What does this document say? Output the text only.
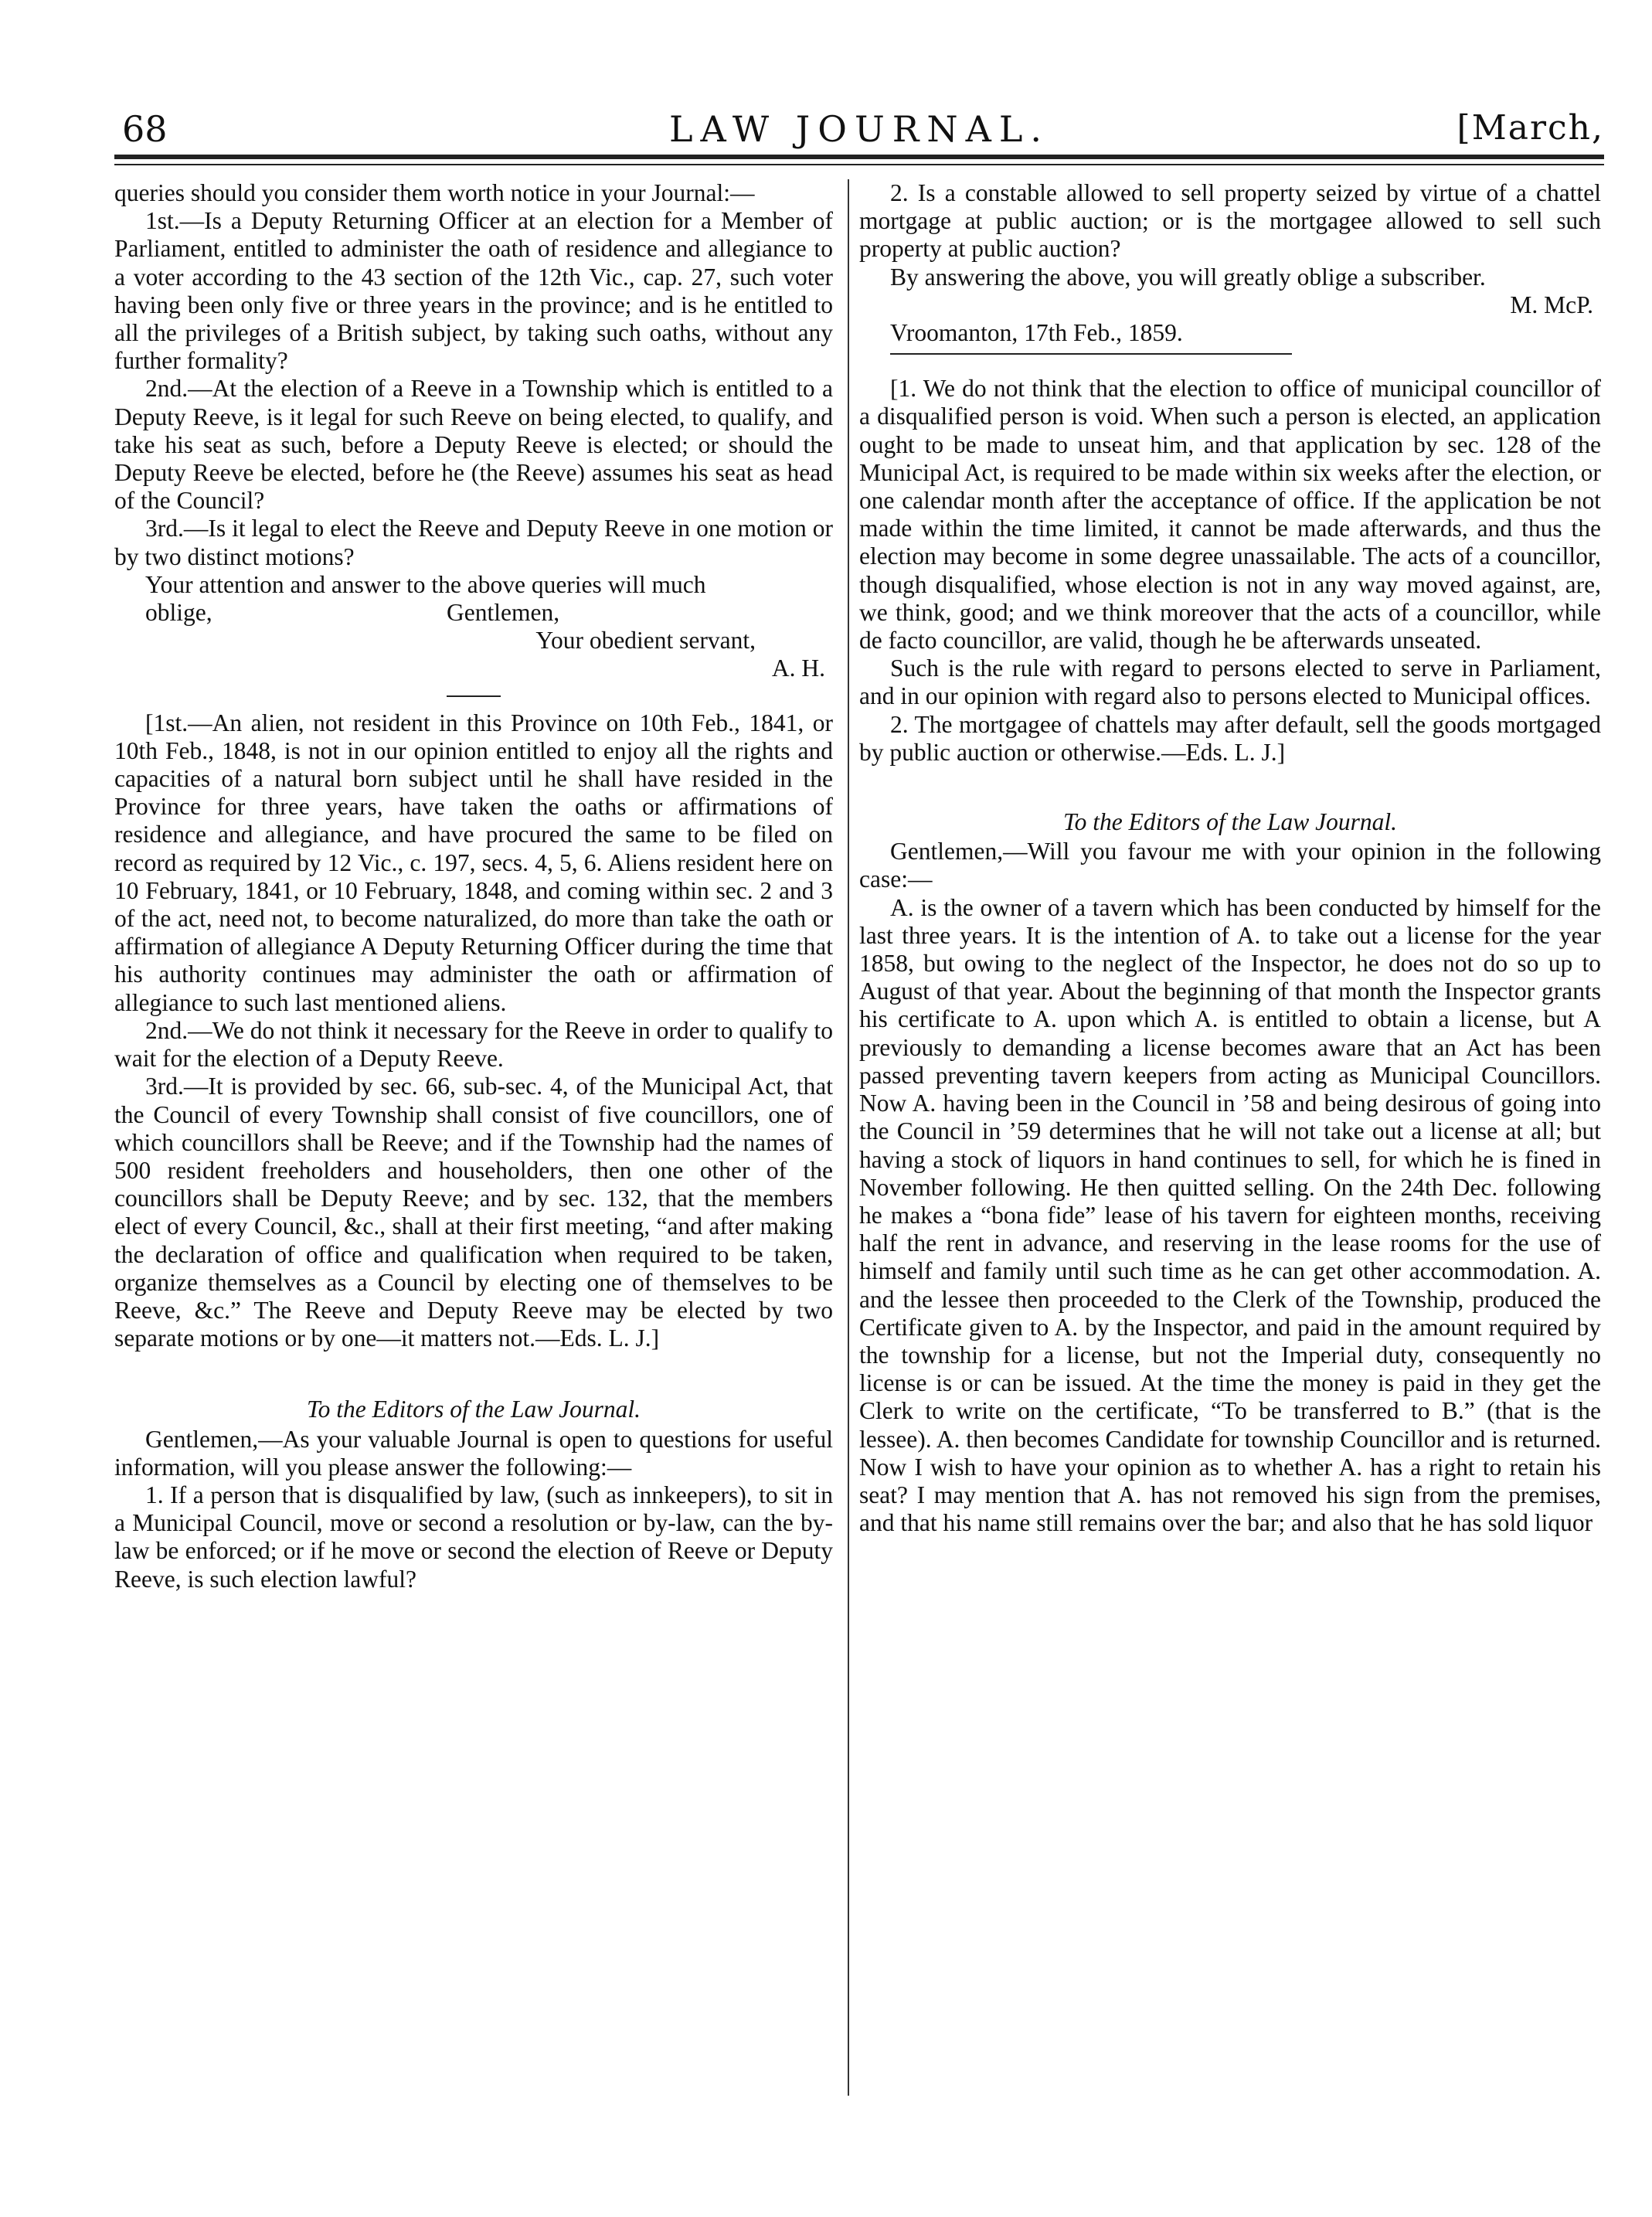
68	LAW JOURNAL.	[March,

queries should you consider them worth notice in your Journal:—

1st.—Is a Deputy Returning Officer at an election for a Member of Parliament, entitled to administer the oath of residence and allegiance to a voter according to the 43 section of the 12th Vic., cap. 27, such voter having been only five or three years in the province; and is he entitled to all the privileges of a British subject, by taking such oaths, without any further formality?

2nd.—At the election of a Reeve in a Township which is entitled to a Deputy Reeve, is it legal for such Reeve on being elected, to qualify, and take his seat as such, before a Deputy Reeve is elected; or should the Deputy Reeve be elected, before he (the Reeve) assumes his seat as head of the Council?

3rd.—Is it legal to elect the Reeve and Deputy Reeve in one motion or by two distinct motions?

Your attention and answer to the above queries will much

oblige,	Gentlemen,

Your obedient servant,

A. H.

[1st.—An alien, not resident in this Province on 10th Feb., 1841, or 10th Feb., 1848, is not in our opinion entitled to enjoy all the rights and capacities of a natural born subject until he shall have resided in the Province for three years, have taken the oaths or affirmations of residence and allegiance, and have procured the same to be filed on record as required by 12 Vic., c. 197, secs. 4, 5, 6. Aliens resident here on 10 February, 1841, or 10 February, 1848, and coming within sec. 2 and 3 of the act, need not, to become naturalized, do more than take the oath or affirmation of allegiance A Deputy Returning Officer during the time that his authority continues may administer the oath or affirmation of allegiance to such last mentioned aliens.

2nd.—We do not think it necessary for the Reeve in order to qualify to wait for the election of a Deputy Reeve.

3rd.—It is provided by sec. 66, sub-sec. 4, of the Municipal Act, that the Council of every Township shall consist of five councillors, one of which councillors shall be Reeve; and if the Township had the names of 500 resident freeholders and householders, then one other of the councillors shall be Deputy Reeve; and by sec. 132, that the members elect of every Council, &c., shall at their first meeting, “and after making the declaration of office and qualification when required to be taken, organize themselves as a Council by electing one of themselves to be Reeve, &c.” The Reeve and Deputy Reeve may be elected by two separate motions or by one—it matters not.—Eds. L. J.]

To the Editors of the Law Journal.

Gentlemen,—As your valuable Journal is open to questions for useful information, will you please answer the following:—

1. If a person that is disqualified by law, (such as innkeepers), to sit in a Municipal Council, move or second a resolution or by-law, can the by-law be enforced; or if he move or second the election of Reeve or Deputy Reeve, is such election lawful?

2. Is a constable allowed to sell property seized by virtue of a chattel mortgage at public auction; or is the mortgagee allowed to sell such property at public auction?

By answering the above, you will greatly oblige a subscriber.

M. McP.

Vroomanton, 17th Feb., 1859.

[1. We do not think that the election to office of municipal councillor of a disqualified person is void. When such a person is elected, an application ought to be made to unseat him, and that application by sec. 128 of the Municipal Act, is required to be made within six weeks after the election, or one calendar month after the acceptance of office. If the application be not made within the time limited, it cannot be made afterwards, and thus the election may become in some degree unassailable. The acts of a councillor, though disqualified, whose election is not in any way moved against, are, we think, good; and we think moreover that the acts of a councillor, while de facto councillor, are valid, though he be afterwards unseated.

Such is the rule with regard to persons elected to serve in Parliament, and in our opinion with regard also to persons elected to Municipal offices.

2. The mortgagee of chattels may after default, sell the goods mortgaged by public auction or otherwise.—Eds. L. J.]

To the Editors of the Law Journal.

Gentlemen,—Will you favour me with your opinion in the following case:—

A. is the owner of a tavern which has been conducted by himself for the last three years. It is the intention of A. to take out a license for the year 1858, but owing to the neglect of the Inspector, he does not do so up to August of that year. About the beginning of that month the Inspector grants his certificate to A. upon which A. is entitled to obtain a license, but A previously to demanding a license becomes aware that an Act has been passed preventing tavern keepers from acting as Municipal Councillors. Now A. having been in the Council in ’58 and being desirous of going into the Council in ’59 determines that he will not take out a license at all; but having a stock of liquors in hand continues to sell, for which he is fined in November following. He then quitted selling. On the 24th Dec. following he makes a “bona fide” lease of his tavern for eighteen months, receiving half the rent in advance, and reserving in the lease rooms for the use of himself and family until such time as he can get other accommodation. A. and the lessee then proceeded to the Clerk of the Township, produced the Certificate given to A. by the Inspector, and paid in the amount required by the township for a license, but not the Imperial duty, consequently no license is or can be issued. At the time the money is paid in they get the Clerk to write on the certificate, “To be transferred to B.” (that is the lessee). A. then becomes Candidate for township Councillor and is returned. Now I wish to have your opinion as to whether A. has a right to retain his seat? I may mention that A. has not removed his sign from the premises, and that his name still remains over the bar; and also that he has sold liquor
